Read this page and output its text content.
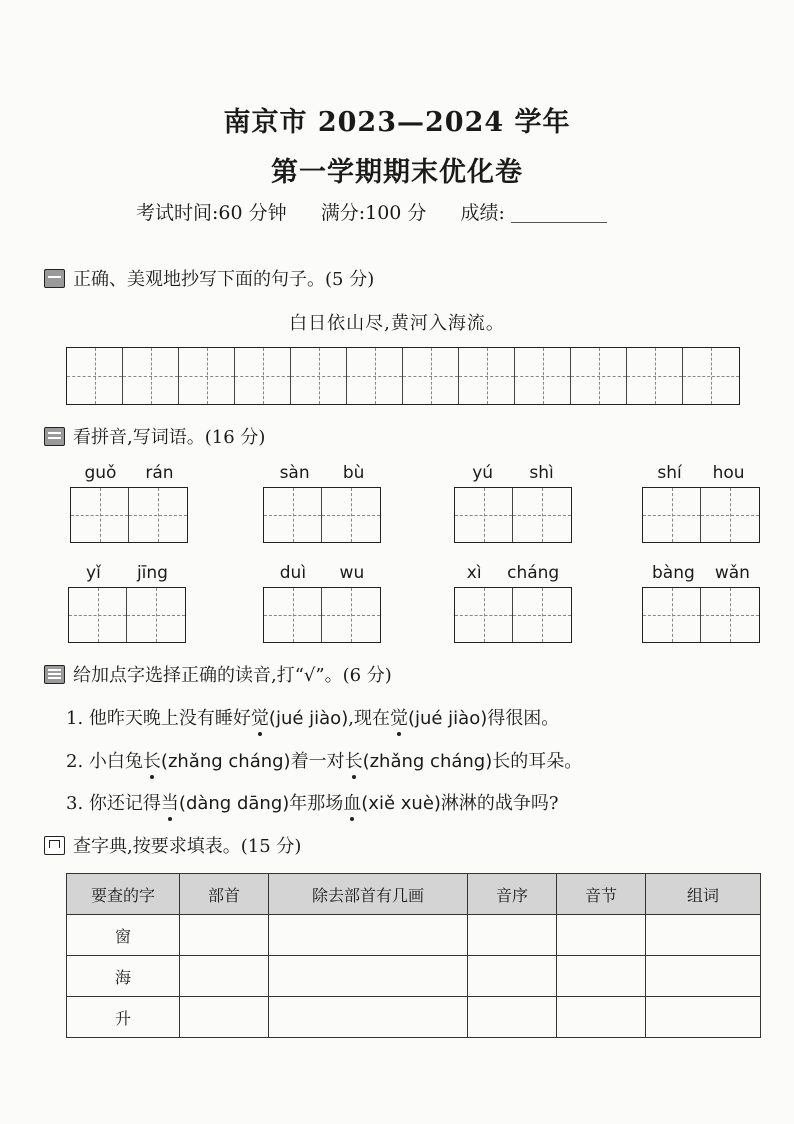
南京市 2023—2024 学年
第一学期期末优化卷
考试时间:60 分钟 满分:100 分 成绩:
正确、美观地抄写下面的句子。(5 分)
白日依山尽,黄河入海流。
看拼音,写词语。(16 分)
guǒ rán	sàn bù	yú shì	shí hou
yǐ jīng	duì wu	xì cháng	bàng wǎn
给加点字选择正确的读音,打“√”。(6 分)
1. 他昨天晚上没有睡好觉(jué jiào),现在觉(jué jiào)得很困。
2. 小白兔长(zhǎng cháng)着一对长(zhǎng cháng)长的耳朵。
3. 你还记得当(dàng dāng)年那场血(xiě xuè)淋淋的战争吗?
查字典,按要求填表。(15 分)
要查的字	部首	除去部首有几画	音序	音节	组词
窗					
海					
升					
